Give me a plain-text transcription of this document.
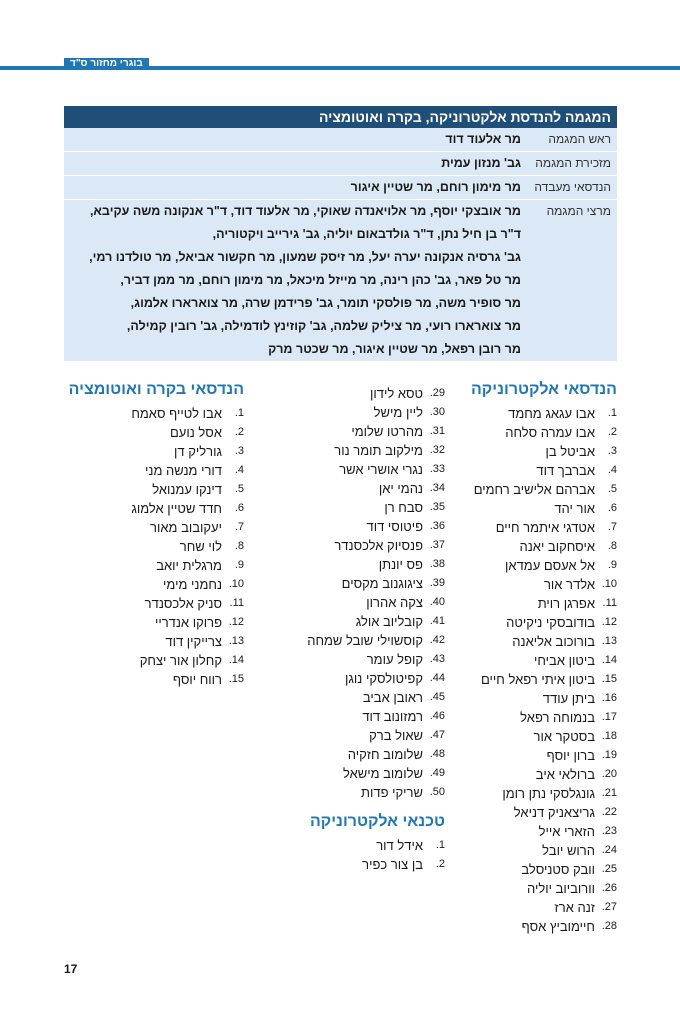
בוגרי מחזור ס"ד
המגמה להנדסת אלקטרוניקה, בקרה ואוטומציה
ראש המגמה
מר אלעוד דוד
מזכירת המגמה
גב' מנזון עמית
הנדסאי מעבדה
מר מימון רוחם, מר שטיין איגור
מרצי המגמה
מר אובצקי יוסף, מר אלויאנדה שאוקי, מר אלעוד דוד, ד"ר אנקונה משה עקיבא,
ד"ר בן חיל נתן, ד"ר גולדבאום יוליה, גב' גירייב ויקטוריה,
גב' גרסיה אנקונה יערה יעל, מר זיסק שמעון, מר חקשור אביאל, מר טולדנו רמי,
מר טל פאר, גב' כהן רינה, מר מייזל מיכאל, מר מימון רוחם, מר ממן דביר,
מר סופיר משה, מר פולסקי תומר, גב' פרידמן שרה, מר צוארארו אלמוג,
מר צוארארו רועי, מר ציליק שלמה, גב' קוזינץ לודמילה, גב' רובין קמילה,
מר רובן רפאל, מר שטיין איגור, מר שכטר מרק
הנדסאי אלקטרוניקה
1.
אבו עגאג מחמד
2.
אבו עמרה סלחה
3.
אביטל בן
4.
אברבך דוד
5.
אברהם אלישיב רחמים
6.
אור יהד
7.
אטדגי איתמר חיים
8.
איסחקוב יאנה
9.
אל אעסם עמדאן
10.
אלדר אור
11.
אפרגן רוית
12.
בודובסקי ניקיטה
13.
בורוכוב אליאנה
14.
ביטון אביחי
15.
ביטון איתי רפאל חיים
16.
ביתן עודד
17.
בנמוחה רפאל
18.
בסטקר אור
19.
ברון יוסף
20.
ברולאי איב
21.
גונגלסקי נתן רומן
22.
גריצאניק דניאל
23.
הזארי אייל
24.
הרוש יובל
25.
וובק סטניסלב
26.
וורוביוב יוליה
27.
זנה ארז
28.
חיימוביץ אסף
29.
טסא לידון
30.
ליין מישל
31.
מהרטו שלומי
32.
מילקוב תומר נור
33.
נגרי אושרי אשר
34.
נהמי יאן
35.
סבח רן
36.
פיטוסי דוד
37.
פנסיוק אלכסנדר
38.
פס יונתן
39.
ציגוגנוב מקסים
40.
צקה אהרון
41.
קובליוב אולג
42.
קוסשוילי שובל שמחה
43.
קופל עומר
44.
קפיטולסקי נוגן
45.
ראובן אביב
46.
רמזונוב דוד
47.
שאול ברק
48.
שלומוב חזקיה
49.
שלומוב מישאל
50.
שריקי פדות
טכנאי אלקטרוניקה
1.
אידל דור
2.
בן צור כפיר
הנדסאי בקרה ואוטומציה
1.
אבו לטייף סאמח
2.
אסל נועם
3.
גורליק דן
4.
דורי מנשה מני
5.
דינקו עמנואל
6.
חדד שטיין אלמוג
7.
יעקובוב מאור
8.
לוי שחר
9.
מרגלית יואב
10.
נחמני מימי
11.
סניק אלכסנדר
12.
פרוקו אנדריי
13.
צרייקין דוד
14.
קחלון אור יצחק
15.
רווח יוסף
17
